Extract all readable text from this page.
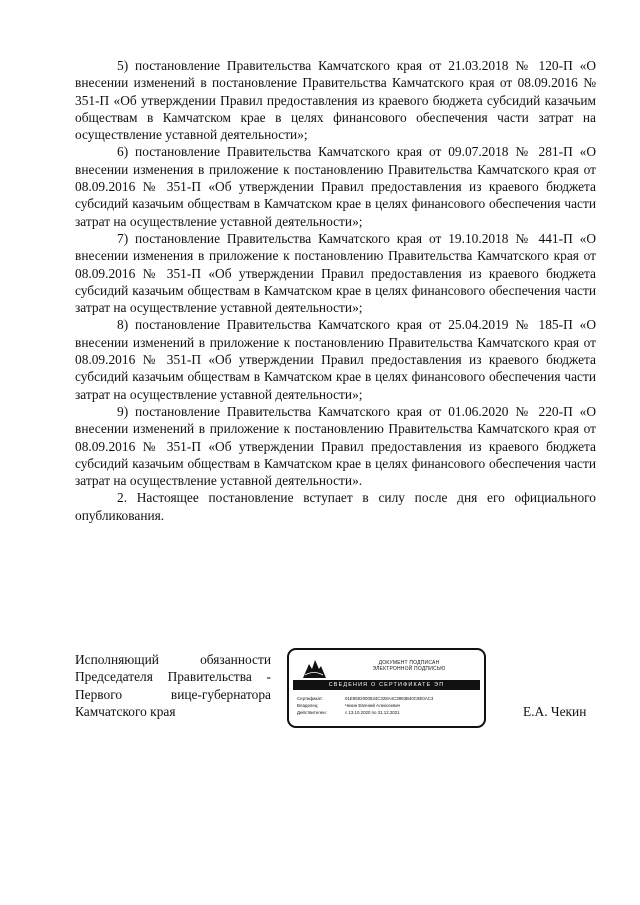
5) постановление Правительства Камчатского края от 21.03.2018 № 120-П «О внесении изменений в постановление Правительства Камчатского края от 08.09.2016 № 351-П «Об утверждении Правил предоставления из краевого бюджета субсидий казачьим обществам в Камчатском крае в целях финансового обеспечения части затрат на осуществление уставной деятельности»;

6) постановление Правительства Камчатского края от 09.07.2018 № 281-П «О внесении изменения в приложение к постановлению Правительства Камчатского края от 08.09.2016 № 351-П «Об утверждении Правил предоставления из краевого бюджета субсидий казачьим обществам в Камчатском крае в целях финансового обеспечения части затрат на осуществление уставной деятельности»;

7) постановление Правительства Камчатского края от 19.10.2018 № 441-П «О внесении изменения в приложение к постановлению Правительства Камчатского края от 08.09.2016 № 351-П «Об утверждении Правил предоставления из краевого бюджета субсидий казачьим обществам в Камчатском крае в целях финансового обеспечения части затрат на осуществление уставной деятельности»;

8) постановление Правительства Камчатского края от 25.04.2019 № 185-П «О внесении изменений в приложение к постановлению Правительства Камчатского края от 08.09.2016 № 351-П «Об утверждении Правил предоставления из краевого бюджета субсидий казачьим обществам в Камчатском крае в целях финансового обеспечения части затрат на осуществление уставной деятельности»;

9) постановление Правительства Камчатского края от 01.06.2020 № 220-П «О внесении изменений в приложение к постановлению Правительства Камчатского края от 08.09.2016 № 351-П «Об утверждении Правил предоставления из краевого бюджета субсидий казачьим обществам в Камчатском крае в целях финансового обеспечения части затрат на осуществление уставной деятельности».

2. Настоящее постановление вступает в силу после дня его официального опубликования.

Исполняющий обязанности
Председателя Правительства -
Первого вице-губернатора
Камчатского края
ДОКУМЕНТ ПОДПИСАН
ЭЛЕКТРОННОЙ ПОДПИСЬЮ
СВЕДЕНИЯ О СЕРТИФИКАТЕ ЭП
Сертификат:	01E9502000534C328A4C3993B40C8E0AC3
Владелец:	Чекин Евгений Алексеевич
Действителен:	с 13.10.2020 по 31.12.2021	Е.А. Чекин
